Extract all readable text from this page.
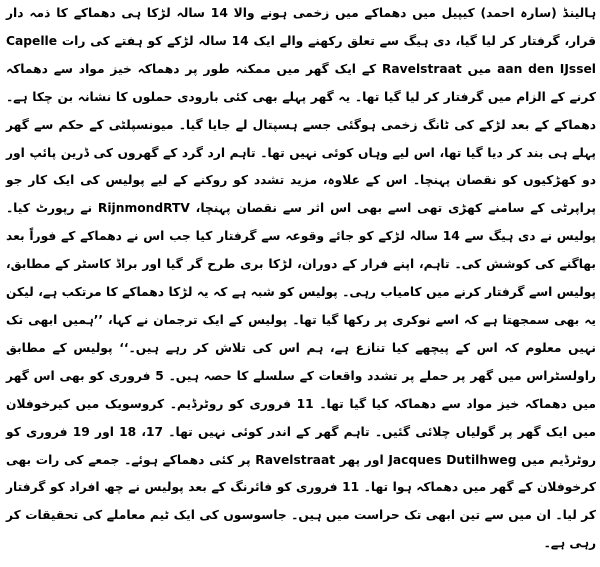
ہالینڈ (سارہ احمد) کیپیل میں دھماکے میں زخمی ہونے والا 14 سالہ لڑکا ہی دھماکے کا ذمہ دار قرار، گرفتار کر لیا گیا، دی ہیگ سے تعلق رکھنے والے ایک 14 سالہ لڑکے کو ہفتے کی رات Capelle aan den IJssel میں Ravelstraat کے ایک گھر میں ممکنہ طور پر دھماکہ خیز مواد سے دھماکہ کرنے کے الزام میں گرفتار کر لیا گیا تھا۔ یہ گھر پہلے بھی کئی بارودی حملوں کا نشانہ بن چکا ہے۔ دھماکے کے بعد لڑکے کی ٹانگ زخمی ہوگئی جسے ہسپتال لے جایا گیا۔ میونسپلٹی کے حکم سے گھر پہلے ہی بند کر دیا گیا تھا، اس لیے وہاں کوئی نہیں تھا۔ تاہم ارد گرد کے گھروں کی ڈرین پائپ اور دو کھڑکیوں کو نقصان پہنچا۔ اس کے علاوہ، مزید تشدد کو روکنے کے لیے پولیس کی ایک کار جو پراپرٹی کے سامنے کھڑی تھی اسے بھی اس اثر سے نقصان پہنچا، RijnmondRTV نے رپورٹ کیا۔ پولیس نے دی ہیگ سے 14 سالہ لڑکے کو جائے وقوعہ سے گرفتار کیا جب اس نے دھماکے کے فوراً بعد بھاگنے کی کوشش کی۔ تاہم، اپنے فرار کے دوران، لڑکا بری طرح گر گیا اور براڈ کاسٹر کے مطابق، پولیس اسے گرفتار کرنے میں کامیاب رہی۔ پولیس کو شبہ ہے کہ یہ لڑکا دھماکے کا مرتکب ہے، لیکن یہ بھی سمجھتا ہے کہ اسے نوکری پر رکھا گیا تھا۔ پولیس کے ایک ترجمان نے کہا، ’’ہمیں ابھی تک نہیں معلوم کہ اس کے پیچھے کیا تنازع ہے، ہم اس کی تلاش کر رہے ہیں۔‘‘ پولیس کے مطابق راولسٹراس میں گھر پر حملے پر تشدد واقعات کے سلسلے کا حصہ ہیں۔ 5 فروری کو بھی اس گھر میں دھماکہ خیز مواد سے دھماکہ کیا گیا تھا۔ 11 فروری کو روٹرڈیم۔ کروسویک میں کیرخوفلان میں ایک گھر پر گولیاں چلائی گئیں۔ تاہم گھر کے اندر کوئی نہیں تھا۔ 17، 18 اور 19 فروری کو روٹرڈیم میں Jacques Dutilhweg اور پھر Ravelstraat پر کئی دھماکے ہوئے۔ جمعے کی رات بھی کرخوفلان کے گھر میں دھماکہ ہوا تھا۔ 11 فروری کو فائرنگ کے بعد پولیس نے چھ افراد کو گرفتار کر لیا۔ ان میں سے تین ابھی تک حراست میں ہیں۔ جاسوسوں کی ایک ٹیم معاملے کی تحقیقات کر رہی ہے۔
